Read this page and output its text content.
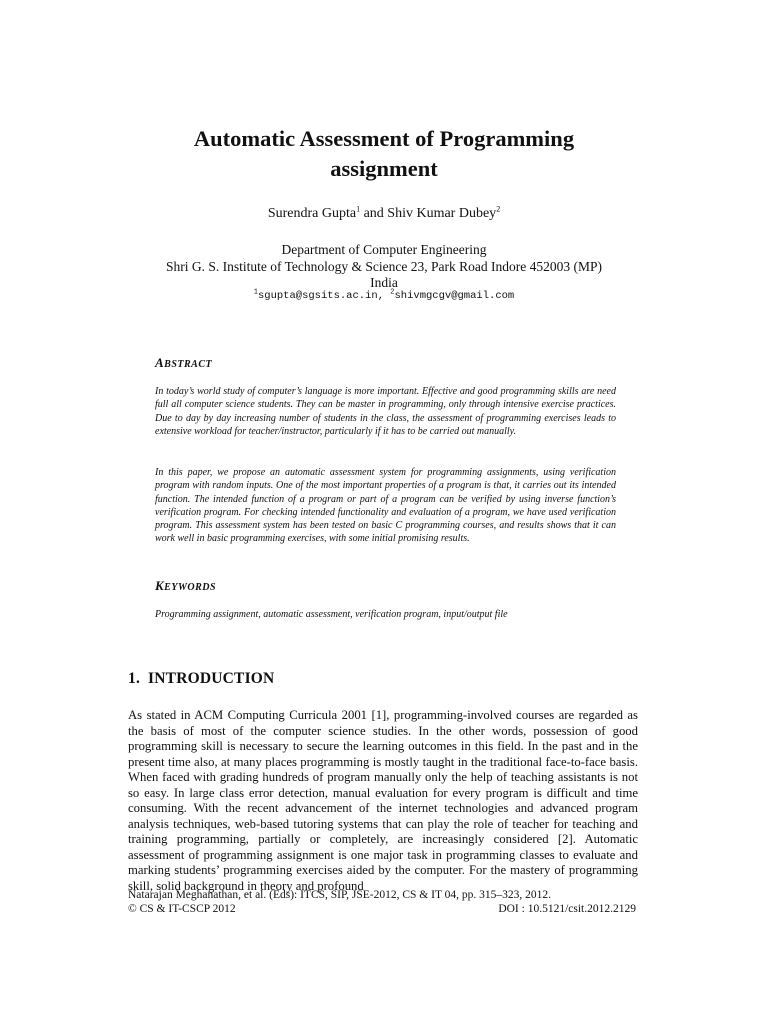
Automatic Assessment of Programming
assignment
Surendra Gupta$^1$ and Shiv Kumar Dubey$^2$
Department of Computer Engineering
Shri G. S. Institute of Technology & Science 23, Park Road Indore 452003 (MP)
India
$^1$sgupta@sgsits.ac.in, $^2$shivmgcgv@gmail.com
ABSTRACT
In today’s world study of computer’s language is more important. Effective and good programming skills are need full all computer science students. They can be master in programming, only through intensive exercise practices. Due to day by day increasing number of students in the class, the assessment of programming exercises leads to extensive workload for teacher/instructor, particularly if it has to be carried out manually.
In this paper, we propose an automatic assessment system for programming assignments, using verification program with random inputs. One of the most important properties of a program is that, it carries out its intended function. The intended function of a program or part of a program can be verified by using inverse function’s verification program. For checking intended functionality and evaluation of a program, we have used verification program. This assessment system has been tested on basic C programming courses, and results shows that it can work well in basic programming exercises, with some initial promising results.
KEYWORDS
Programming assignment, automatic assessment, verification program, input/output file
1. INTRODUCTION
As stated in ACM Computing Curricula 2001 [1], programming-involved courses are regarded as the basis of most of the computer science studies. In the other words, possession of good programming skill is necessary to secure the learning outcomes in this field. In the past and in the present time also, at many places programming is mostly taught in the traditional face-to-face basis. When faced with grading hundreds of program manually only the help of teaching assistants is not so easy. In large class error detection, manual evaluation for every program is difficult and time consuming. With the recent advancement of the internet technologies and advanced program analysis techniques, web-based tutoring systems that can play the role of teacher for teaching and training programming, partially or completely, are increasingly considered [2]. Automatic assessment of programming assignment is one major task in programming classes to evaluate and marking students’ programming exercises aided by the computer. For the mastery of programming skill, solid background in theory and profound
Natarajan Meghanathan, et al. (Eds): ITCS, SIP, JSE-2012, CS & IT 04, pp. 315–323, 2012.
© CS & IT-CSCP 2012	DOI : 10.5121/csit.2012.2129
